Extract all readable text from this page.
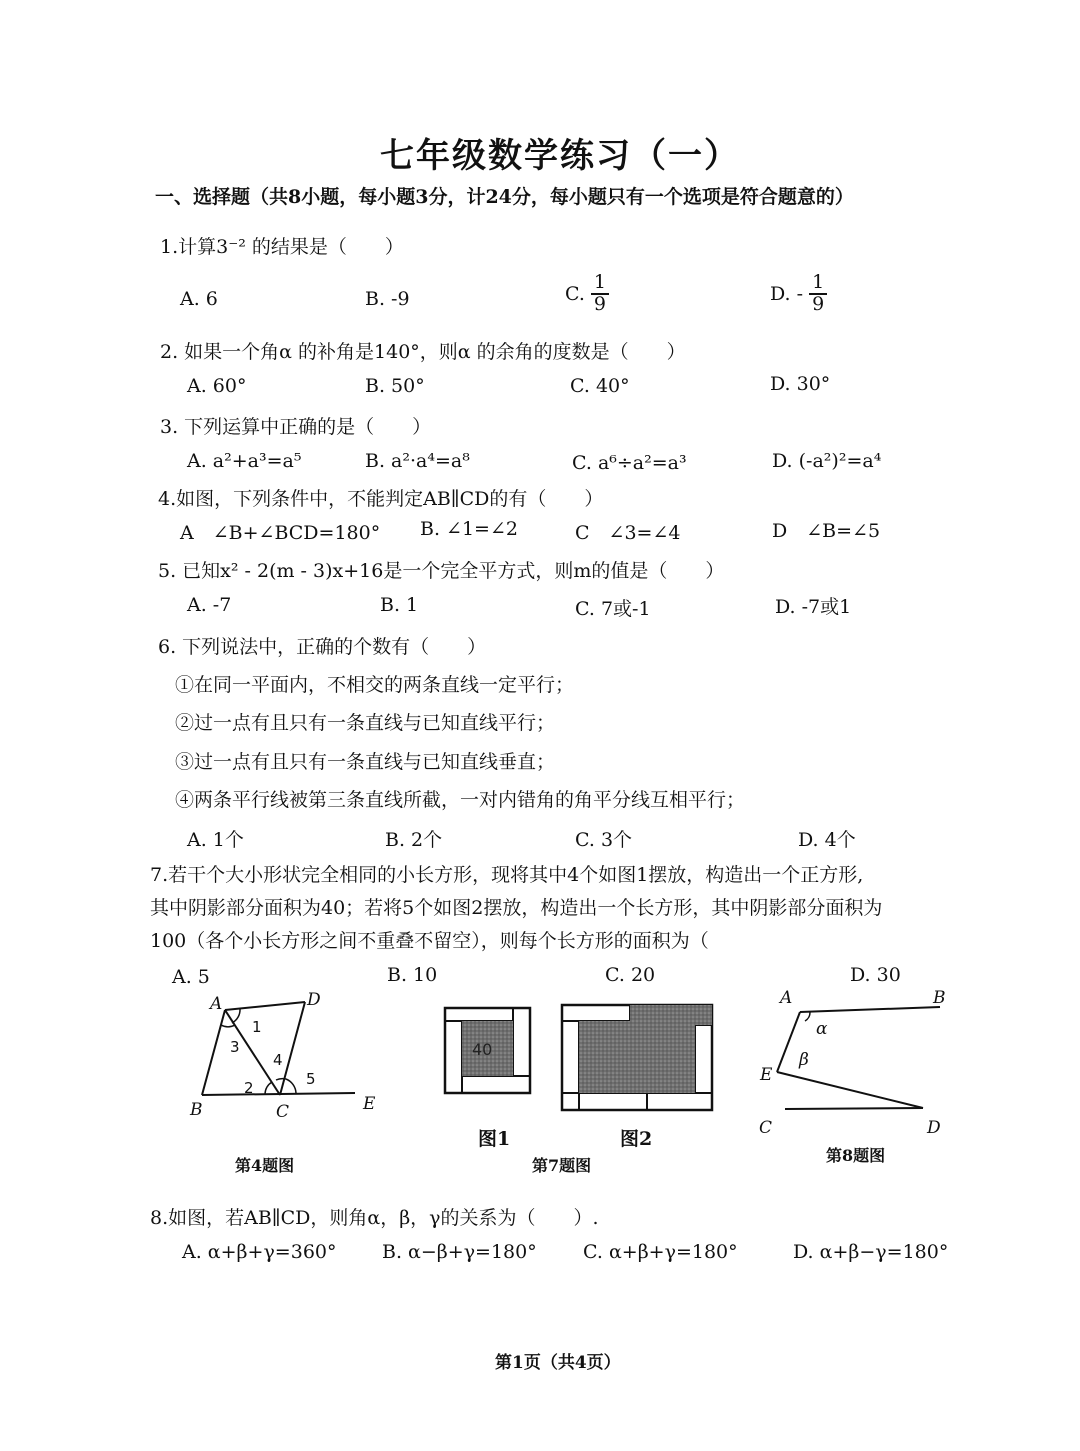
七年级数学练习（一）
一、选择题（共8小题，每小题3分，计24分，每小题只有一个选项是符合题意的）
1.计算3⁻² 的结果是（　　）
A. 6	B. -9	C. $\frac{1}{9}$	D. - $\frac{1}{9}$
2. 如果一个角α 的补角是140°，则α 的余角的度数是（　　）
A. 60°	B. 50°	C. 40°	D. 30°
3. 下列运算中正确的是（　　）
A. a²+a³=a⁵	B. a²·a⁴=a⁸	C. a⁶÷a²=a³	D. (-a²)²=a⁴
4.如图，下列条件中，不能判定AB∥CD的有（　　）
A　∠B+∠BCD=180° B. ∠1=∠2	C　∠3=∠4	D　∠B=∠5
5. 已知x² - 2(m - 3)x+16是一个完全平方式，则m的值是（　　）
A. -7	B. 1	C. 7或-1	D. -7或1
6. 下列说法中，正确的个数有（　　）
①在同一平面内，不相交的两条直线一定平行；
②过一点有且只有一条直线与已知直线平行；
③过一点有且只有一条直线与已知直线垂直；
④两条平行线被第三条直线所截，一对内错角的角平分线互相平行；
A. 1个	B. 2个	C. 3个	D. 4个
7.若干个大小形状完全相同的小长方形，现将其中4个如图1摆放，构造出一个正方形,
其中阴影部分面积为40；若将5个如图2摆放，构造出一个长方形，其中阴影部分面积为
100（各个小长方形之间不重叠不留空），则每个长方形的面积为（
A. 5	B. 10	C. 20	D. 30
A	D
B	C	E
1
2
3
4
5
第4题图
40
图1	图2
第7题图
A	B
C	D
E
α
β
第8题图
8.如图，若AB∥CD，则角α，β，γ的关系为（　　）.
A. α+β+γ=360° B. α−β+γ=180° C. α+β+γ=180°	D. α+β−γ=180°
第1页（共4页）
